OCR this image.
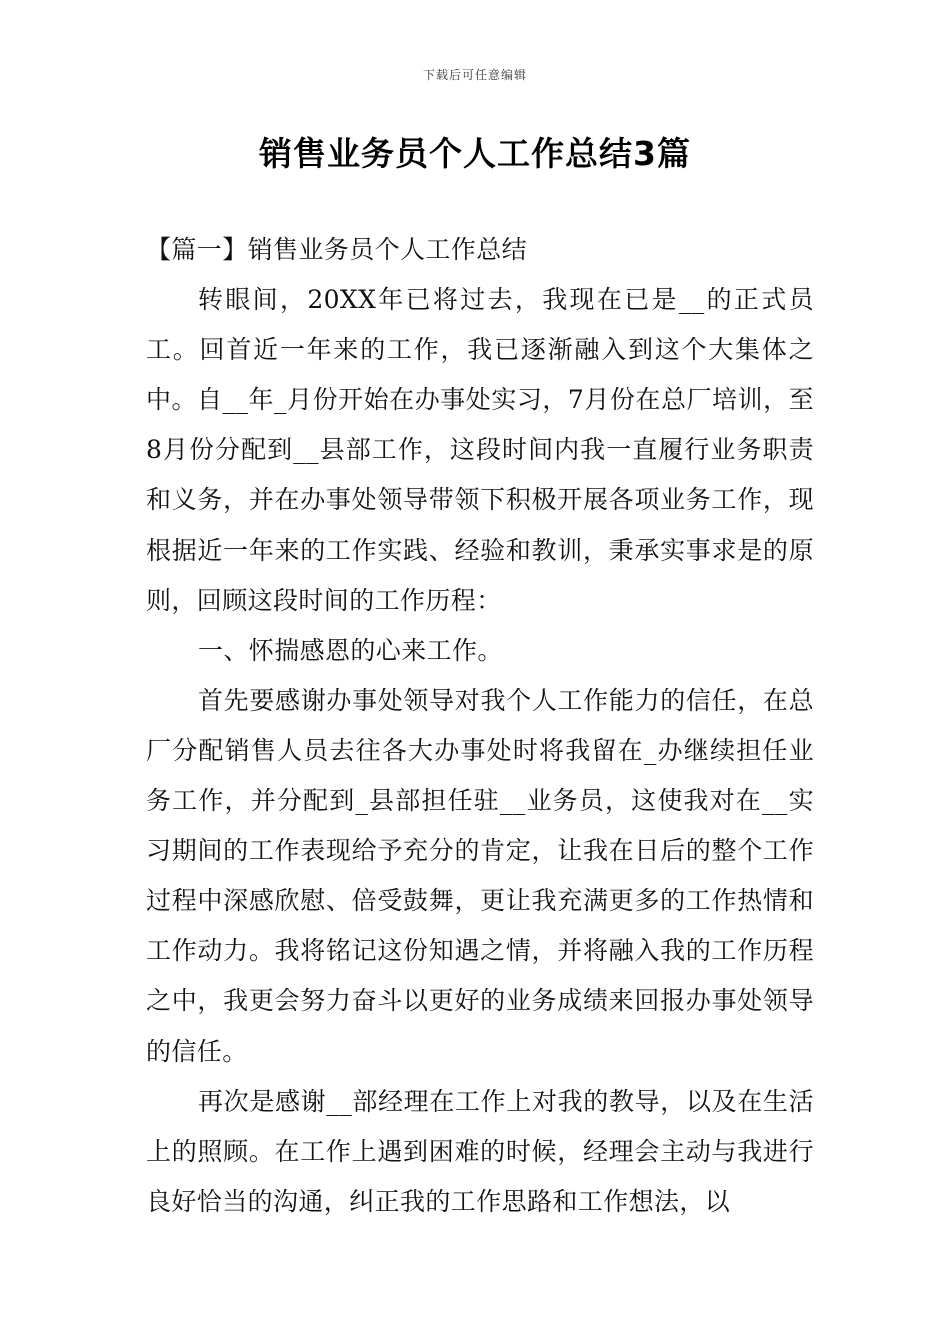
下载后可任意编辑
销售业务员个人工作总结3篇

【篇一】销售业务员个人工作总结

转眼间，20XX年已将过去，我现在已是__的正式员工。回首近一年来的工作，我已逐渐融入到这个大集体之中。自__年_月份开始在办事处实习，7月份在总厂培训，至8月份分配到__县部工作，这段时间内我一直履行业务职责和义务，并在办事处领导带领下积极开展各项业务工作，现根据近一年来的工作实践、经验和教训，秉承实事求是的原则，回顾这段时间的工作历程：

一、怀揣感恩的心来工作。

首先要感谢办事处领导对我个人工作能力的信任，在总厂分配销售人员去往各大办事处时将我留在_办继续担任业务工作，并分配到_县部担任驻__业务员，这使我对在__实习期间的工作表现给予充分的肯定，让我在日后的整个工作过程中深感欣慰、倍受鼓舞，更让我充满更多的工作热情和工作动力。我将铭记这份知遇之情，并将融入我的工作历程之中，我更会努力奋斗以更好的业务成绩来回报办事处领导的信任。

再次是感谢__部经理在工作上对我的教导，以及在生活上的照顾。在工作上遇到困难的时候，经理会主动与我进行良好恰当的沟通，纠正我的工作思路和工作想法，以
